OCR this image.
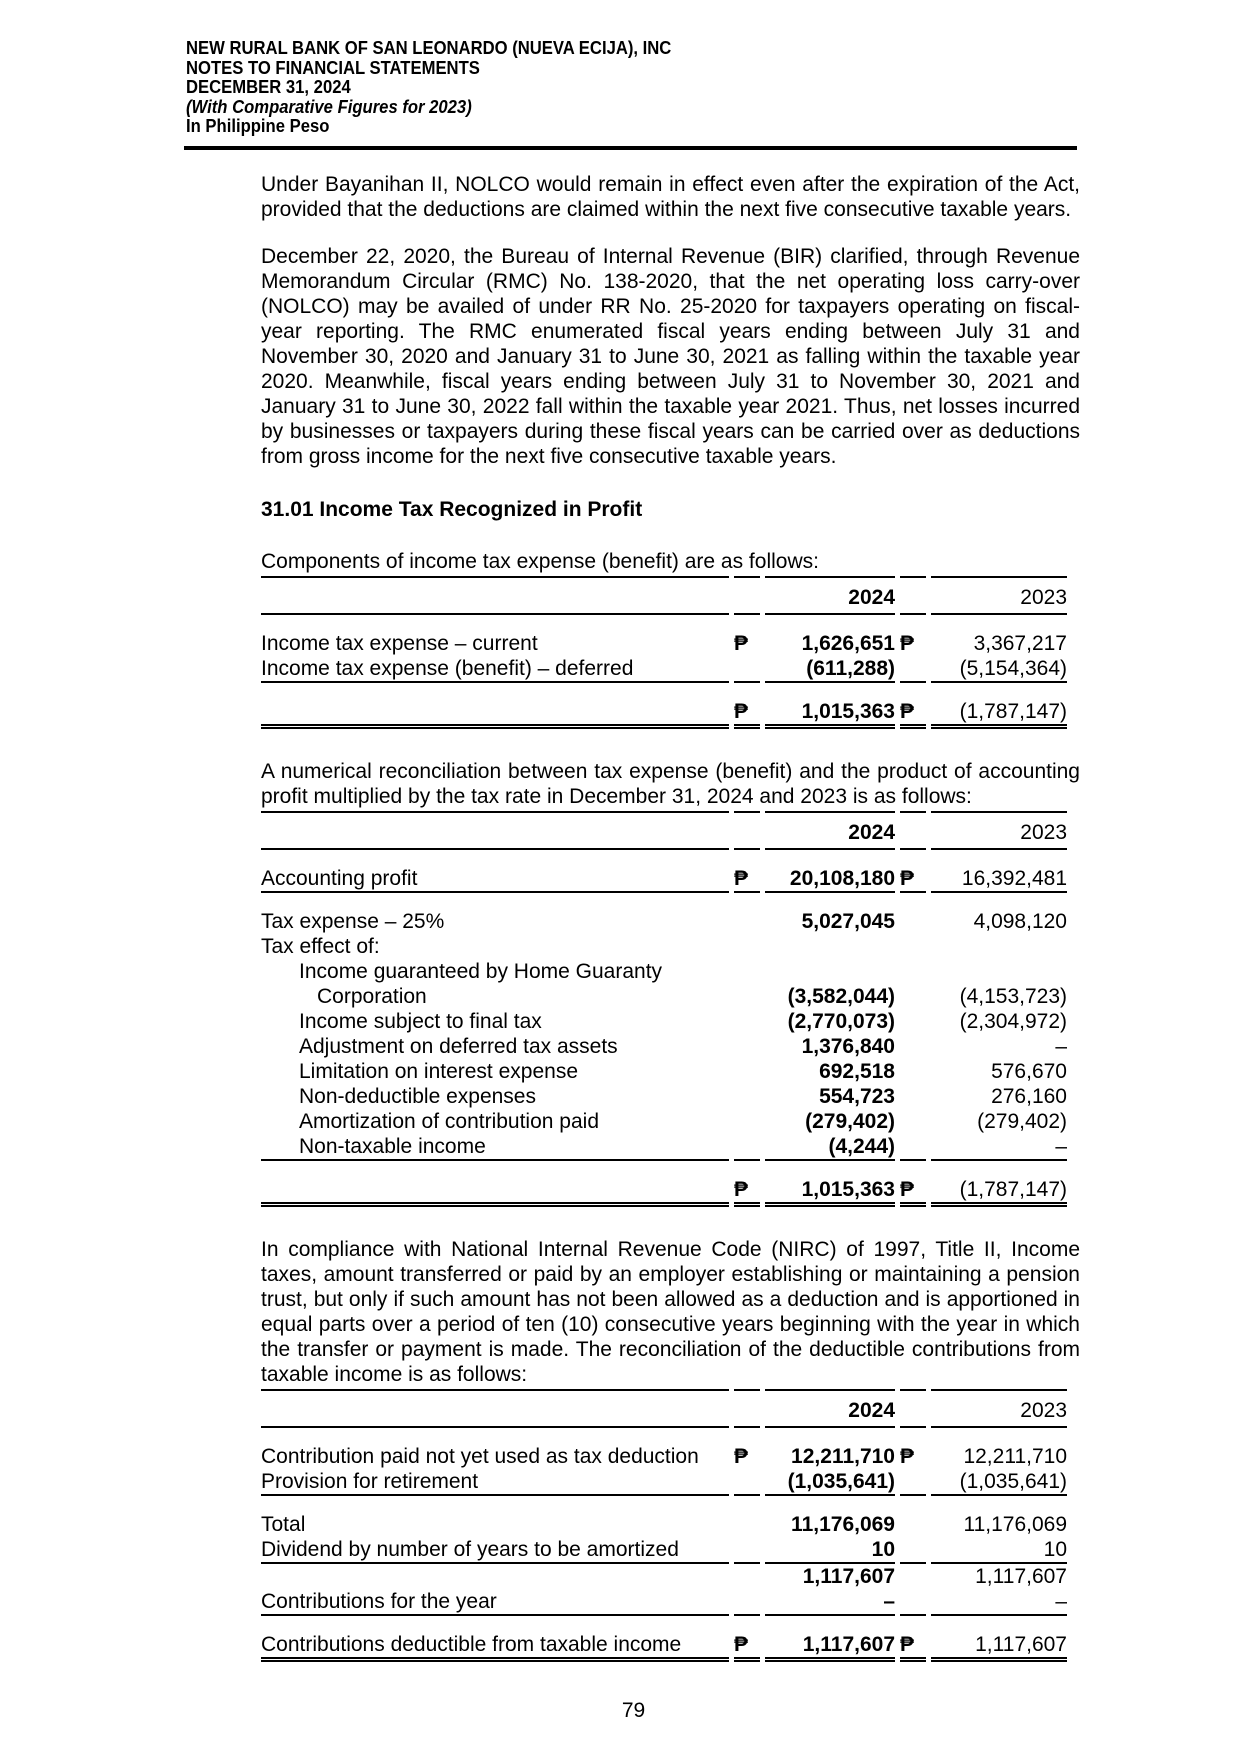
NEW RURAL BANK OF SAN LEONARDO (NUEVA ECIJA), INC
NOTES TO FINANCIAL STATEMENTS
DECEMBER 31, 2024
(With Comparative Figures for 2023)
In Philippine Peso

Under Bayanihan II, NOLCO would remain in effect even after the expiration of the Act, provided that the deductions are claimed within the next five consecutive taxable years.

December 22, 2020, the Bureau of Internal Revenue (BIR) clarified, through Revenue Memorandum Circular (RMC) No. 138-2020, that the net operating loss carry-over (NOLCO) may be availed of under RR No. 25-2020 for taxpayers operating on fiscal-year reporting. The RMC enumerated fiscal years ending between July 31 and November 30, 2020 and January 31 to June 30, 2021 as falling within the taxable year 2020. Meanwhile, fiscal years ending between July 31 to November 30, 2021 and January 31 to June 30, 2022 fall within the taxable year 2021. Thus, net losses incurred by businesses or taxpayers during these fiscal years can be carried over as deductions from gross income for the next five consecutive taxable years.

31.01 Income Tax Recognized in Profit

Components of income tax expense (benefit) are as follows:

		2024		2023

Income tax expense – current	₱	1,626,651	₱	3,367,217
Income tax expense (benefit) – deferred		(611,288)		(5,154,364)

	₱	1,015,363	₱	(1,787,147)

A numerical reconciliation between tax expense (benefit) and the product of accounting profit multiplied by the tax rate in December 31, 2024 and 2023 is as follows:

		2024		2023

Accounting profit	₱	20,108,180	₱	16,392,481

Tax expense – 25%		5,027,045		4,098,120
Tax effect of:				
Income guaranteed by Home Guaranty				
Corporation		(3,582,044)		(4,153,723)
Income subject to final tax		(2,770,073)		(2,304,972)
Adjustment on deferred tax assets		1,376,840		–
Limitation on interest expense		692,518		576,670
Non-deductible expenses		554,723		276,160
Amortization of contribution paid		(279,402)		(279,402)
Non-taxable income		(4,244)		–

	₱	1,015,363	₱	(1,787,147)

In compliance with National Internal Revenue Code (NIRC) of 1997, Title II, Income taxes, amount transferred or paid by an employer establishing or maintaining a pension trust, but only if such amount has not been allowed as a deduction and is apportioned in equal parts over a period of ten (10) consecutive years beginning with the year in which the transfer or payment is made. The reconciliation of the deductible contributions from taxable income is as follows:

		2024		2023

Contribution paid not yet used as tax deduction	₱	12,211,710	₱	12,211,710
Provision for retirement		(1,035,641)		(1,035,641)

Total		11,176,069		11,176,069
Dividend by number of years to be amortized		10		10
		1,117,607		1,117,607
Contributions for the year		–		–

Contributions deductible from taxable income	₱	1,117,607	₱	1,117,607
79
